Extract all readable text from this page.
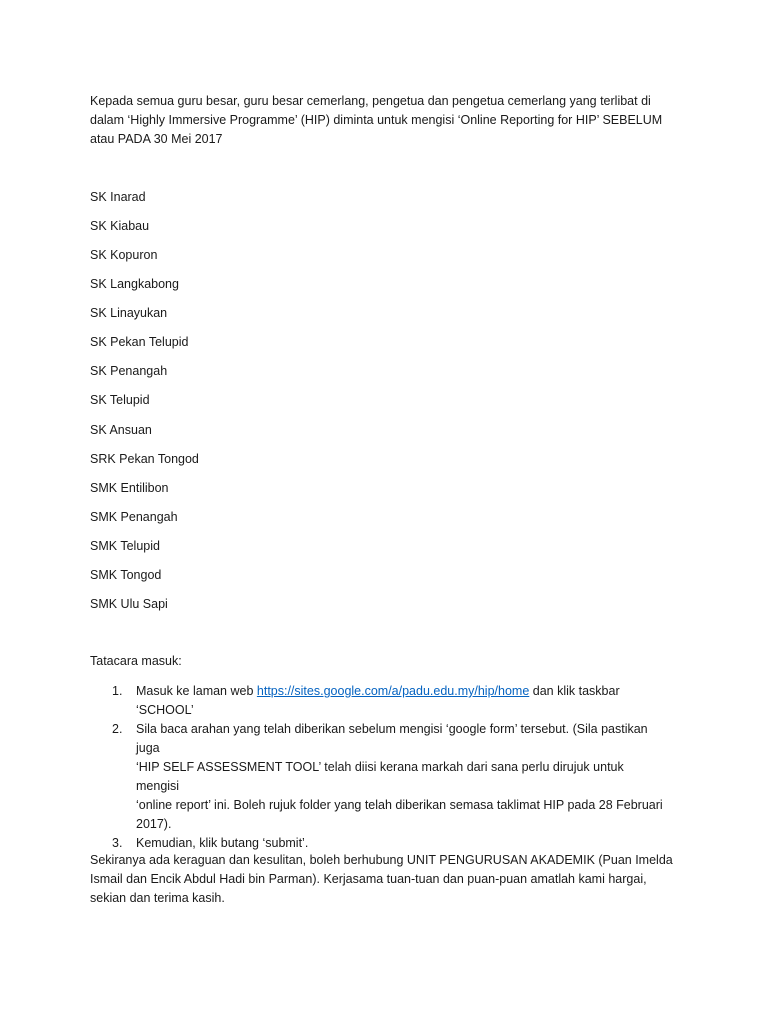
Kepada semua guru besar, guru besar cemerlang, pengetua dan pengetua cemerlang yang terlibat di
dalam ‘Highly Immersive Programme’ (HIP) diminta untuk mengisi ‘Online Reporting for HIP’ SEBELUM
atau PADA 30 Mei 2017
SK Inarad
SK Kiabau
SK Kopuron
SK Langkabong
SK Linayukan
SK Pekan Telupid
SK Penangah
SK Telupid
SK Ansuan
SRK Pekan Tongod
SMK Entilibon
SMK Penangah
SMK Telupid
SMK Tongod
SMK Ulu Sapi
Tatacara masuk:
1. Masuk ke laman web https://sites.google.com/a/padu.edu.my/hip/home dan klik taskbar
‘SCHOOL’
2. Sila baca arahan yang telah diberikan sebelum mengisi ‘google form’ tersebut. (Sila pastikan juga
‘HIP SELF ASSESSMENT TOOL’ telah diisi kerana markah dari sana perlu dirujuk untuk mengisi
‘online report’ ini. Boleh rujuk folder yang telah diberikan semasa taklimat HIP pada 28 Februari
2017).
3. Kemudian, klik butang ‘submit’.
Sekiranya ada keraguan dan kesulitan, boleh berhubung UNIT PENGURUSAN AKADEMIK (Puan Imelda
Ismail dan Encik Abdul Hadi bin Parman). Kerjasama tuan-tuan dan puan-puan amatlah kami hargai,
sekian dan terima kasih.
